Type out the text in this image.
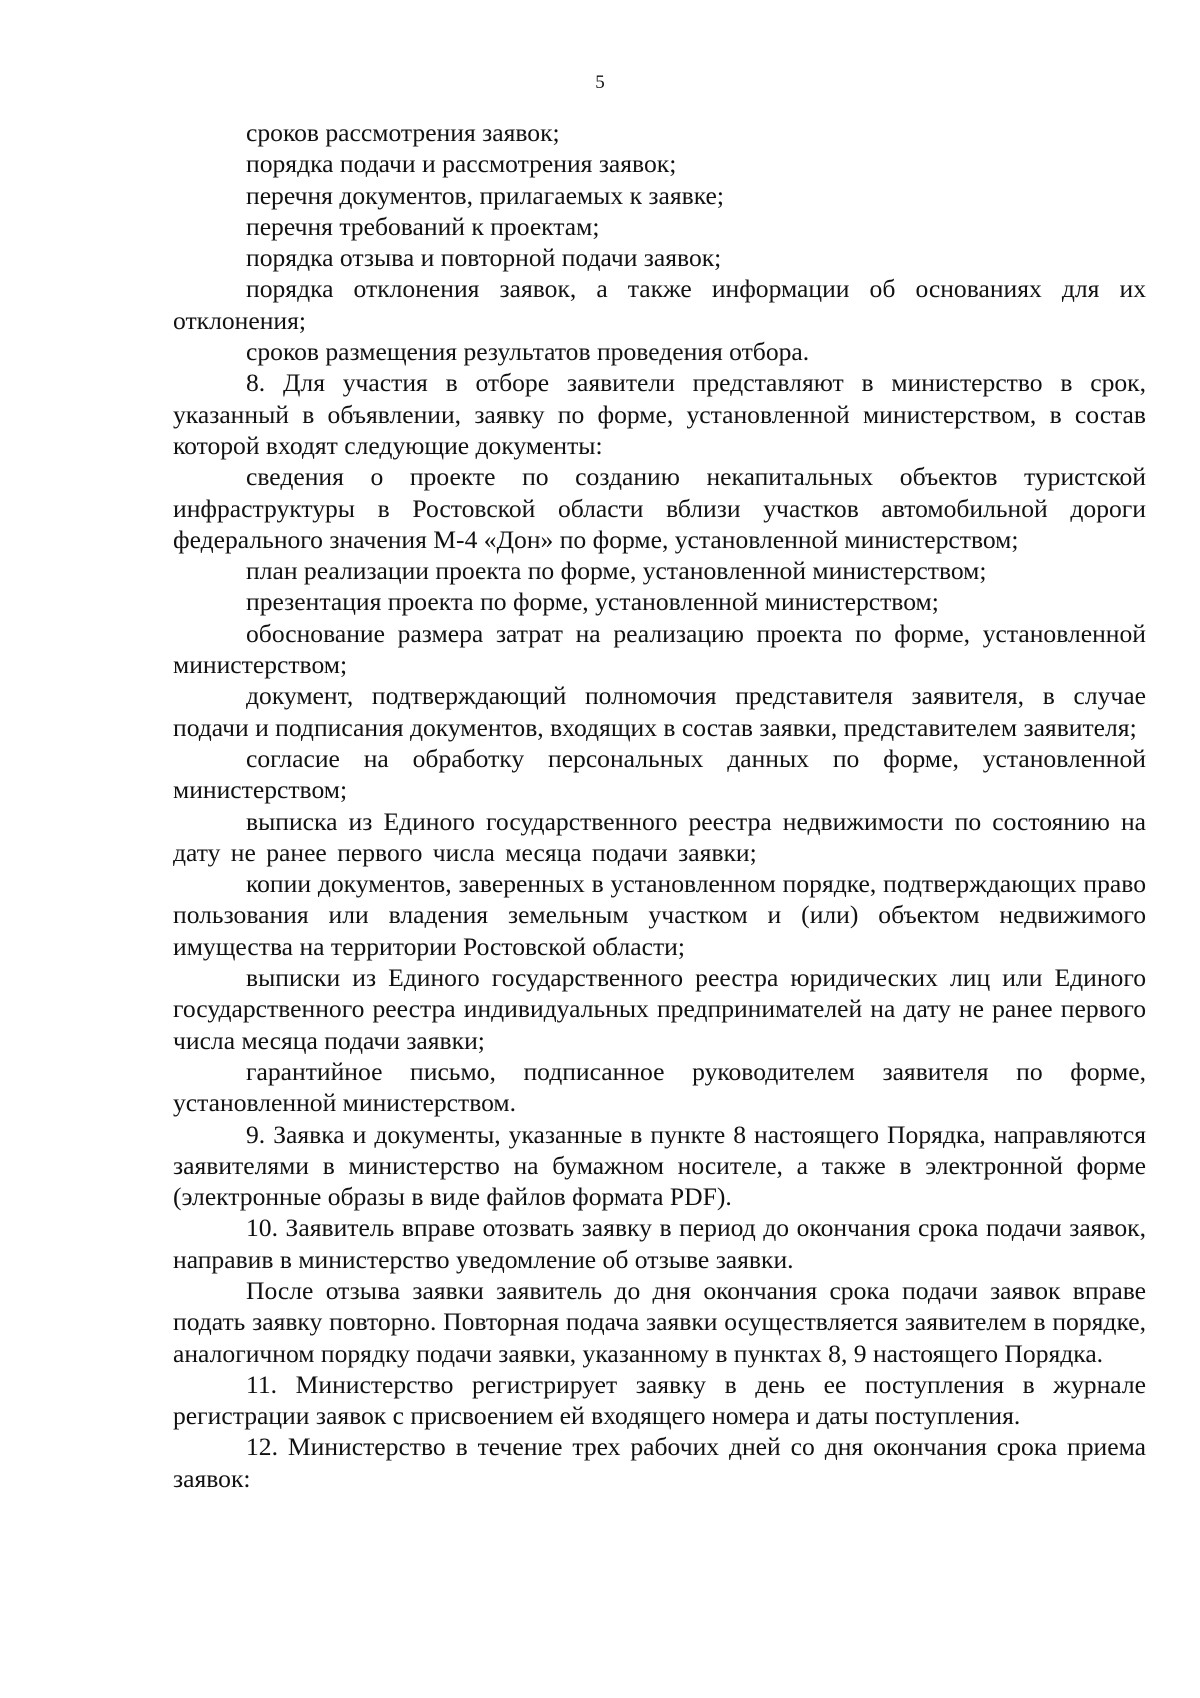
5

сроков рассмотрения заявок;

порядка подачи и рассмотрения заявок;

перечня документов, прилагаемых к заявке;

перечня требований к проектам;

порядка отзыва и повторной подачи заявок;

порядка отклонения заявок, а также информации об основаниях для их отклонения;

сроков размещения результатов проведения отбора.

8. Для участия в отборе заявители представляют в министерство в срок, указанный в объявлении, заявку по форме, установленной министерством, в состав которой входят следующие документы:

сведения о проекте по созданию некапитальных объектов туристской инфраструктуры в Ростовской области вблизи участков автомобильной дороги федерального значения М-4 «Дон» по форме, установленной министерством;

план реализации проекта по форме, установленной министерством;

презентация проекта по форме, установленной министерством;

обоснование размера затрат на реализацию проекта по форме, установленной министерством;

документ, подтверждающий полномочия представителя заявителя, в случае подачи и подписания документов, входящих в состав заявки, представителем заявителя;

согласие на обработку персональных данных по форме, установленной министерством;

выписка из Единого государственного реестра недвижимости по состоянию на дату не ранее первого числа месяца подачи заявки;

копии документов, заверенных в установленном порядке, подтверждающих право пользования или владения земельным участком и (или) объектом недвижимого имущества на территории Ростовской области;

выписки из Единого государственного реестра юридических лиц или Единого государственного реестра индивидуальных предпринимателей на дату не ранее первого числа месяца подачи заявки;

гарантийное письмо, подписанное руководителем заявителя по форме, установленной министерством.

9. Заявка и документы, указанные в пункте 8 настоящего Порядка, направляются заявителями в министерство на бумажном носителе, а также в электронной форме (электронные образы в виде файлов формата PDF).

10. Заявитель вправе отозвать заявку в период до окончания срока подачи заявок, направив в министерство уведомление об отзыве заявки.

После отзыва заявки заявитель до дня окончания срока подачи заявок вправе подать заявку повторно. Повторная подача заявки осуществляется заявителем в порядке, аналогичном порядку подачи заявки, указанному в пунктах 8, 9 настоящего Порядка.

11. Министерство регистрирует заявку в день ее поступления в журнале регистрации заявок с присвоением ей входящего номера и даты поступления.

12. Министерство в течение трех рабочих дней со дня окончания срока приема заявок:
